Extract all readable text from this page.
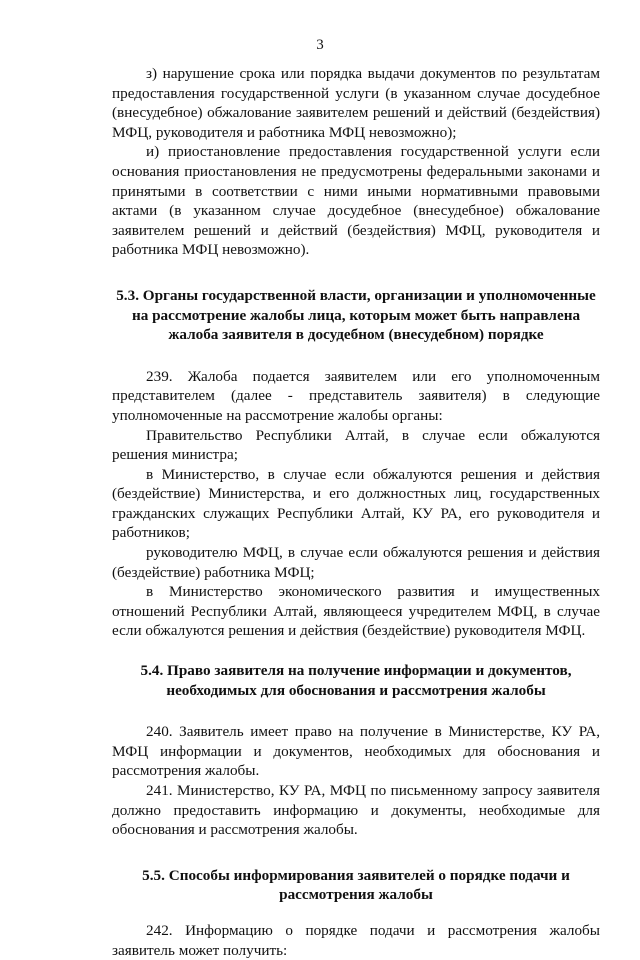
3

з) нарушение срока или порядка выдачи документов по результатам предоставления государственной услуги (в указанном случае досудебное (внесудебное) обжалование заявителем решений и действий (бездействия) МФЦ, руководителя и работника МФЦ невозможно);

и) приостановление предоставления государственной услуги если основания приостановления не предусмотрены федеральными законами и принятыми в соответствии с ними иными нормативными правовыми актами (в указанном случае досудебное (внесудебное) обжалование заявителем решений и действий (бездействия) МФЦ, руководителя и работника МФЦ невозможно).

5.3. Органы государственной власти, организации и уполномоченные на рассмотрение жалобы лица, которым может быть направлена жалоба заявителя в досудебном (внесудебном) порядке

239. Жалоба подается заявителем или его уполномоченным представителем (далее - представитель заявителя) в следующие уполномоченные на рассмотрение жалобы органы:

Правительство Республики Алтай, в случае если обжалуются решения министра;

в Министерство, в случае если обжалуются решения и действия (бездействие) Министерства, и его должностных лиц, государственных гражданских служащих Республики Алтай, КУ РА, его руководителя и работников;

руководителю МФЦ, в случае если обжалуются решения и действия (бездействие) работника МФЦ;

в Министерство экономического развития и имущественных отношений Республики Алтай, являющееся учредителем МФЦ, в случае если обжалуются решения и действия (бездействие) руководителя МФЦ.

5.4. Право заявителя на получение информации и документов, необходимых для обоснования и рассмотрения жалобы

240. Заявитель имеет право на получение в Министерстве, КУ РА, МФЦ информации и документов, необходимых для обоснования и рассмотрения жалобы.

241. Министерство, КУ РА, МФЦ по письменному запросу заявителя должно предоставить информацию и документы, необходимые для обоснования и рассмотрения жалобы.

5.5. Способы информирования заявителей о порядке подачи и рассмотрения жалобы

242. Информацию о порядке подачи и рассмотрения жалобы заявитель может получить:
